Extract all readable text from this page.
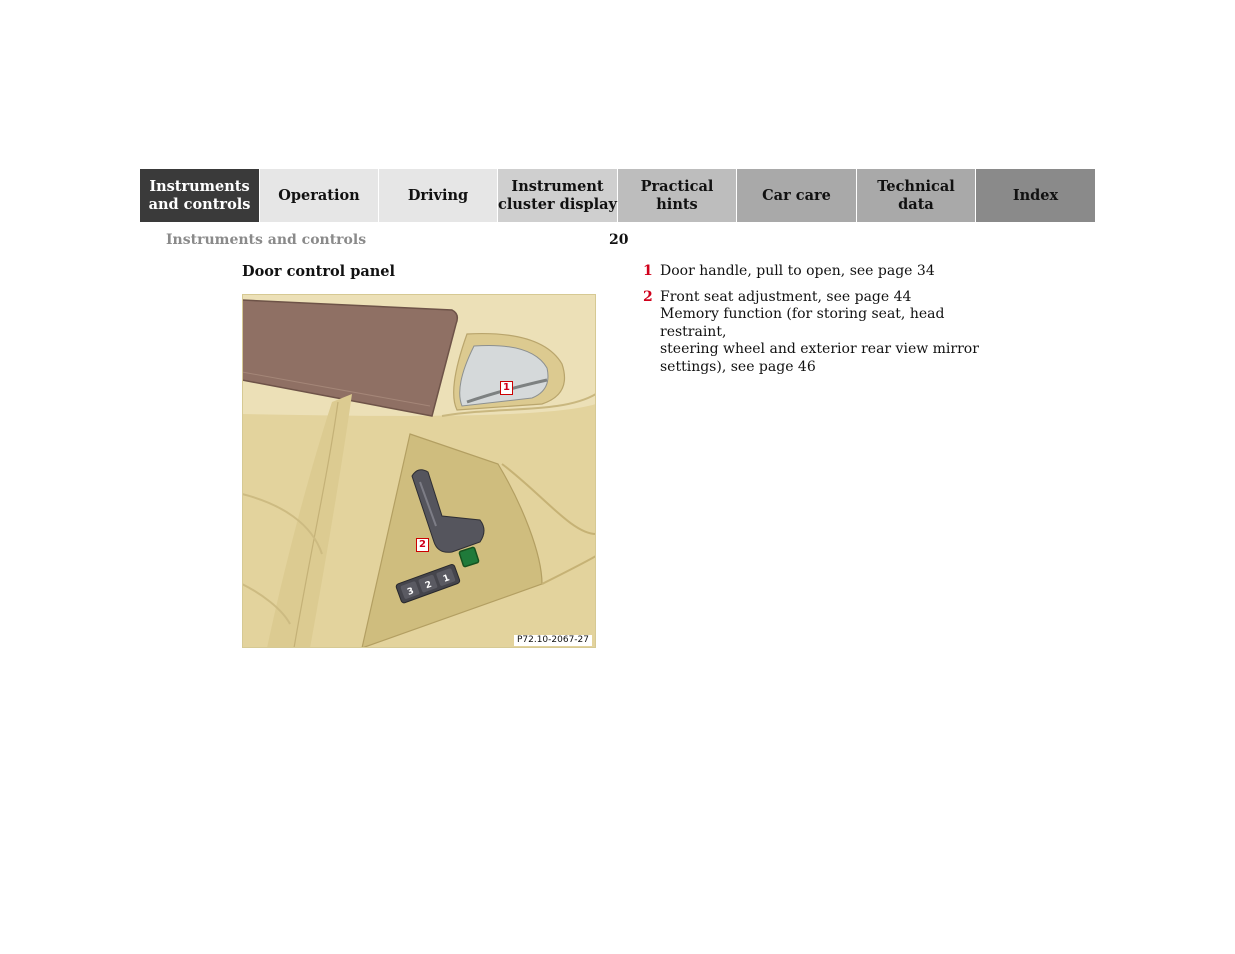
Instruments
and controls
Operation	Driving
Instrument
cluster display
Practical hints
Car care
Technical
data
Index
Instruments and controls	20
Door control panel
3
2
1
1
2
P72.10-2067-27
1 Door handle, pull to open, see page 34
2 Front seat adjustment, see page 44
Memory function (for storing seat, head restraint,
steering wheel and exterior rear view mirror
settings), see page 46
